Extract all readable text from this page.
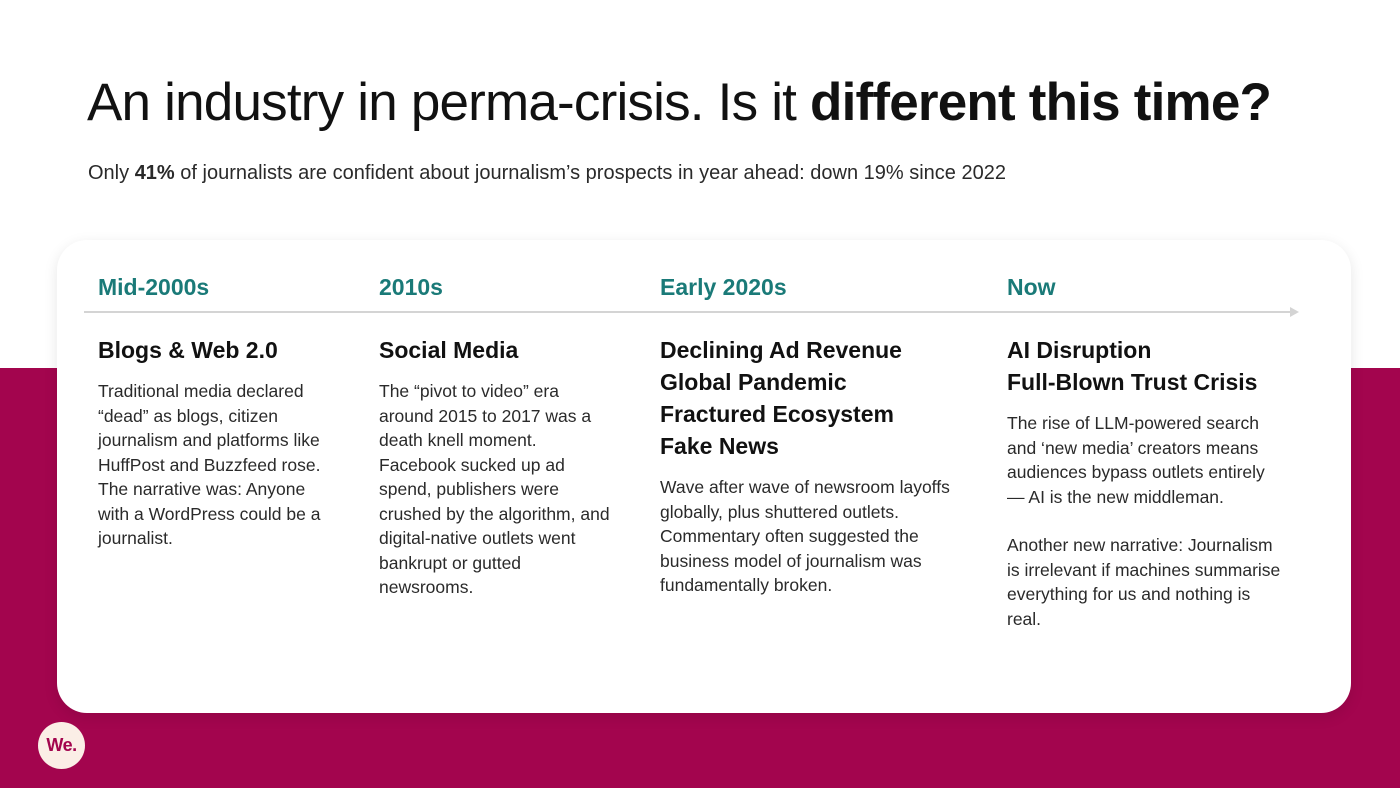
An industry in perma-crisis. Is it different this time?

Only 41% of journalists are confident about journalism’s prospects in year ahead: down 19% since 2022

Mid-2000s
Blogs & Web 2.0

Traditional media declared “dead” as blogs, citizen journalism and platforms like HuffPost and Buzzfeed rose. The narrative was: Anyone with a WordPress could be a journalist.

2010s
Social Media

The “pivot to video” era around 2015 to 2017 was a death knell moment. Facebook sucked up ad spend, publishers were crushed by the algorithm, and digital-native outlets went bankrupt or gutted newsrooms.

Early 2020s
Declining Ad Revenue
Global Pandemic
Fractured Ecosystem
Fake News

Wave after wave of newsroom layoffs globally, plus shuttered outlets. Commentary often suggested the business model of journalism was fundamentally broken.

Now
AI Disruption
Full-Blown Trust Crisis

The rise of LLM-powered search and ‘new media’ creators means audiences bypass outlets entirely — AI is the new middleman.

Another new narrative: Journalism is irrelevant if machines summarise everything for us and nothing is real.

We.
